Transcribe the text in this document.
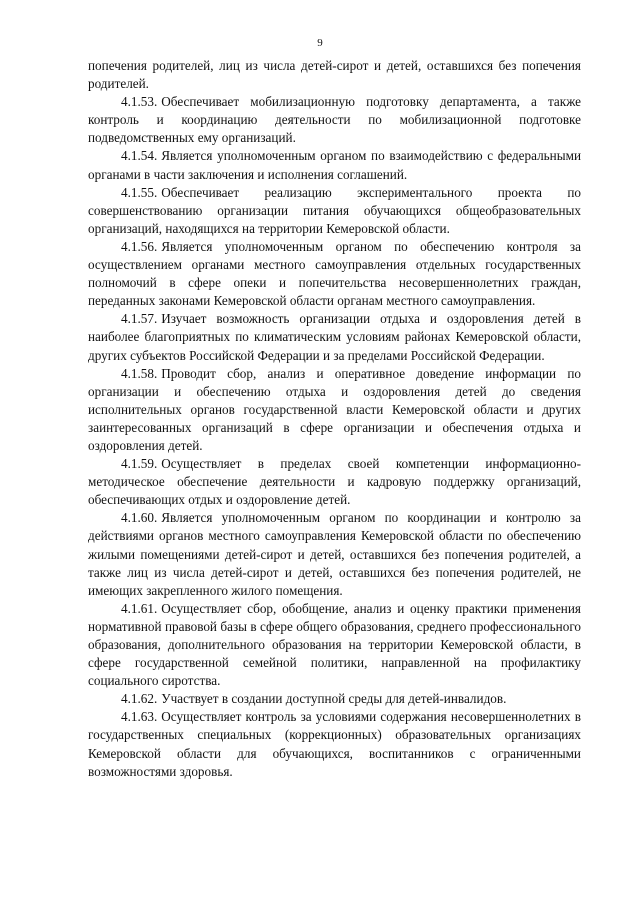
9

попечения родителей, лиц из числа детей-сирот и детей, оставшихся без попечения родителей.

4.1.53. Обеспечивает мобилизационную подготовку департамента, а также контроль и координацию деятельности по мобилизационной подготовке подведомственных ему организаций.

4.1.54. Является уполномоченным органом по взаимодействию с федеральными органами в части заключения и исполнения соглашений.

4.1.55. Обеспечивает реализацию экспериментального проекта по совершенствованию организации питания обучающихся общеобразовательных организаций, находящихся на территории Кемеровской области.

4.1.56. Является уполномоченным органом по обеспечению контроля за осуществлением органами местного самоуправления отдельных государственных полномочий в сфере опеки и попечительства несовершеннолетних граждан, переданных законами Кемеровской области органам местного самоуправления.

4.1.57. Изучает возможность организации отдыха и оздоровления детей в наиболее благоприятных по климатическим условиям районах Кемеровской области, других субъектов Российской Федерации и за пределами Российской Федерации.

4.1.58. Проводит сбор, анализ и оперативное доведение информации по организации и обеспечению отдыха и оздоровления детей до сведения исполнительных органов государственной власти Кемеровской области и других заинтересованных организаций в сфере организации и обеспечения отдыха и оздоровления детей.

4.1.59. Осуществляет в пределах своей компетенции информационно-методическое обеспечение деятельности и кадровую поддержку организаций, обеспечивающих отдых и оздоровление детей.

4.1.60. Является уполномоченным органом по координации и контролю за действиями органов местного самоуправления Кемеровской области по обеспечению жилыми помещениями детей-сирот и детей, оставшихся без попечения родителей, а также лиц из числа детей-сирот и детей, оставшихся без попечения родителей, не имеющих закрепленного жилого помещения.

4.1.61. Осуществляет сбор, обобщение, анализ и оценку практики применения нормативной правовой базы в сфере общего образования, среднего профессионального образования, дополнительного образования на территории Кемеровской области, в сфере государственной семейной политики, направленной на профилактику социального сиротства.

4.1.62. Участвует в создании доступной среды для детей-инвалидов.

4.1.63. Осуществляет контроль за условиями содержания несовершеннолетних в государственных специальных (коррекционных) образовательных организациях Кемеровской области для обучающихся, воспитанников с ограниченными возможностями здоровья.
